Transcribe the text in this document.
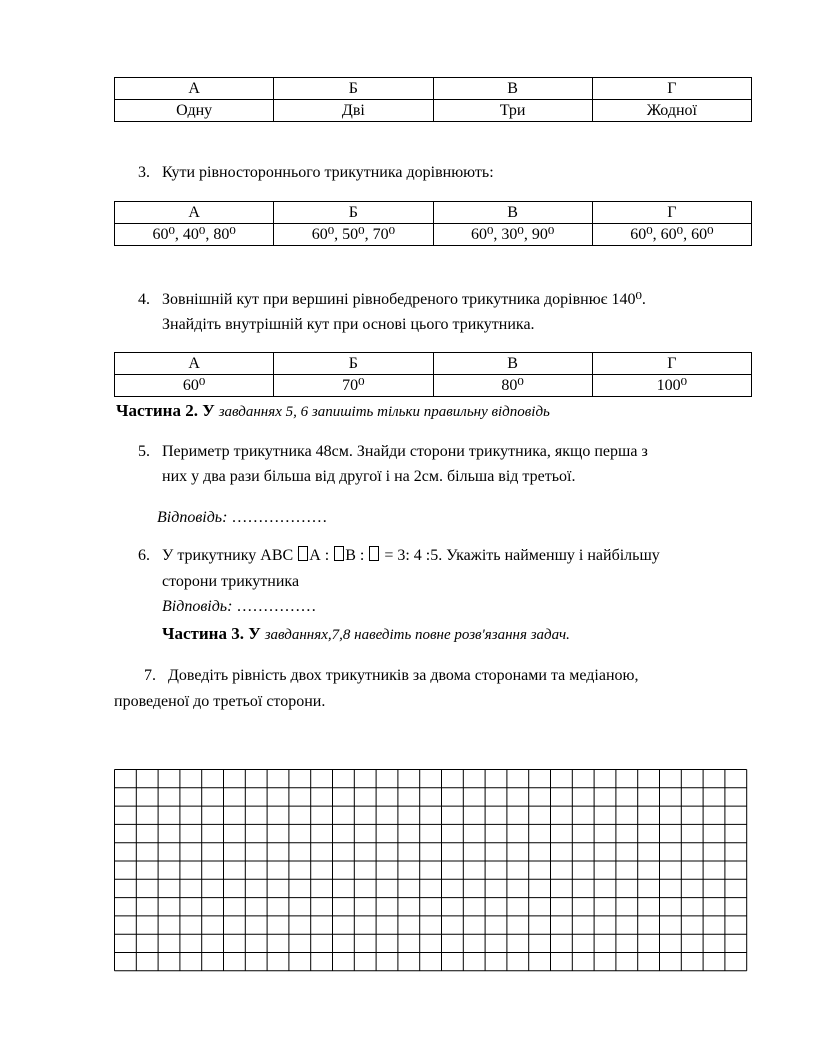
А	Б	В	Г
Одну	Дві	Три	Жодної
3. Кути рівностороннього трикутника дорівнюють:
А	Б	В	Г
60⁰, 40⁰, 80⁰	60⁰, 50⁰, 70⁰	60⁰, 30⁰, 90⁰	60⁰, 60⁰, 60⁰
4. Зовнішній кут при вершині рівнобедреного трикутника дорівнює 140⁰.
Знайдіть внутрішній кут при основі цього трикутника.
А	Б	В	Г
60⁰	70⁰	80⁰	100⁰
Частина 2. У завданнях 5, 6 запишіть тільки правильну відповідь
5. Периметр трикутника 48см. Знайди сторони трикутника, якщо перша з
них у два рази більша від другої і на 2см. більша від третьої.
Відповідь: ………………
6. У трикутнику АВС А : В :  = 3: 4 :5. Укажіть найменшу і найбільшу
сторони трикутника
Відповідь: ……………
Частина 3. У завданнях,7,8 наведіть повне розв'язання задач.
7. Доведіть рівність двох трикутників за двома сторонами та медіаною,
проведеної до третьої сторони.
